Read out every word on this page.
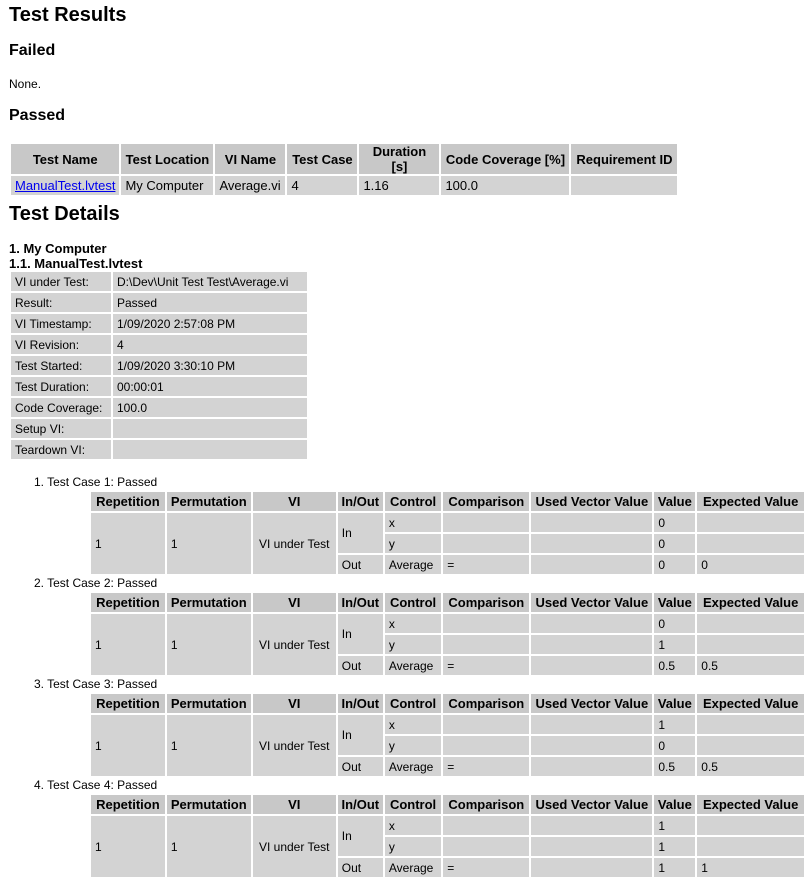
Test Results
Failed
None.
Passed
Test Name	Test Location	VI Name	Test Case	Duration [s]	Code Coverage [%]	Requirement ID
ManualTest.lvtest	My Computer	Average.vi	4	1.16	100.0	
Test Details
1. My Computer
1.1. ManualTest.lvtest
VI under Test:	D:\Dev\Unit Test Test\Average.vi
Result:	Passed
VI Timestamp:	1/09/2020 2:57:08 PM
VI Revision:	4
Test Started:	1/09/2020 3:30:10 PM
Test Duration:	00:00:01
Code Coverage:	100.0
Setup VI:	
Teardown VI:	
1. Test Case 1: Passed
Repetition	Permutation	VI	In/Out	Control	Comparison	Used Vector Value	Value	Expected Value
1	1	VI under Test	In	x			0	
				y			0	
			Out	Average	=		0	0
2. Test Case 2: Passed
Repetition	Permutation	VI	In/Out	Control	Comparison	Used Vector Value	Value	Expected Value
1	1	VI under Test	In	x			0	
				y			1	
			Out	Average	=		0.5	0.5
3. Test Case 3: Passed
Repetition	Permutation	VI	In/Out	Control	Comparison	Used Vector Value	Value	Expected Value
1	1	VI under Test	In	x			1	
				y			0	
			Out	Average	=		0.5	0.5
4. Test Case 4: Passed
Repetition	Permutation	VI	In/Out	Control	Comparison	Used Vector Value	Value	Expected Value
1	1	VI under Test	In	x			1	
				y			1	
			Out	Average	=		1	1
